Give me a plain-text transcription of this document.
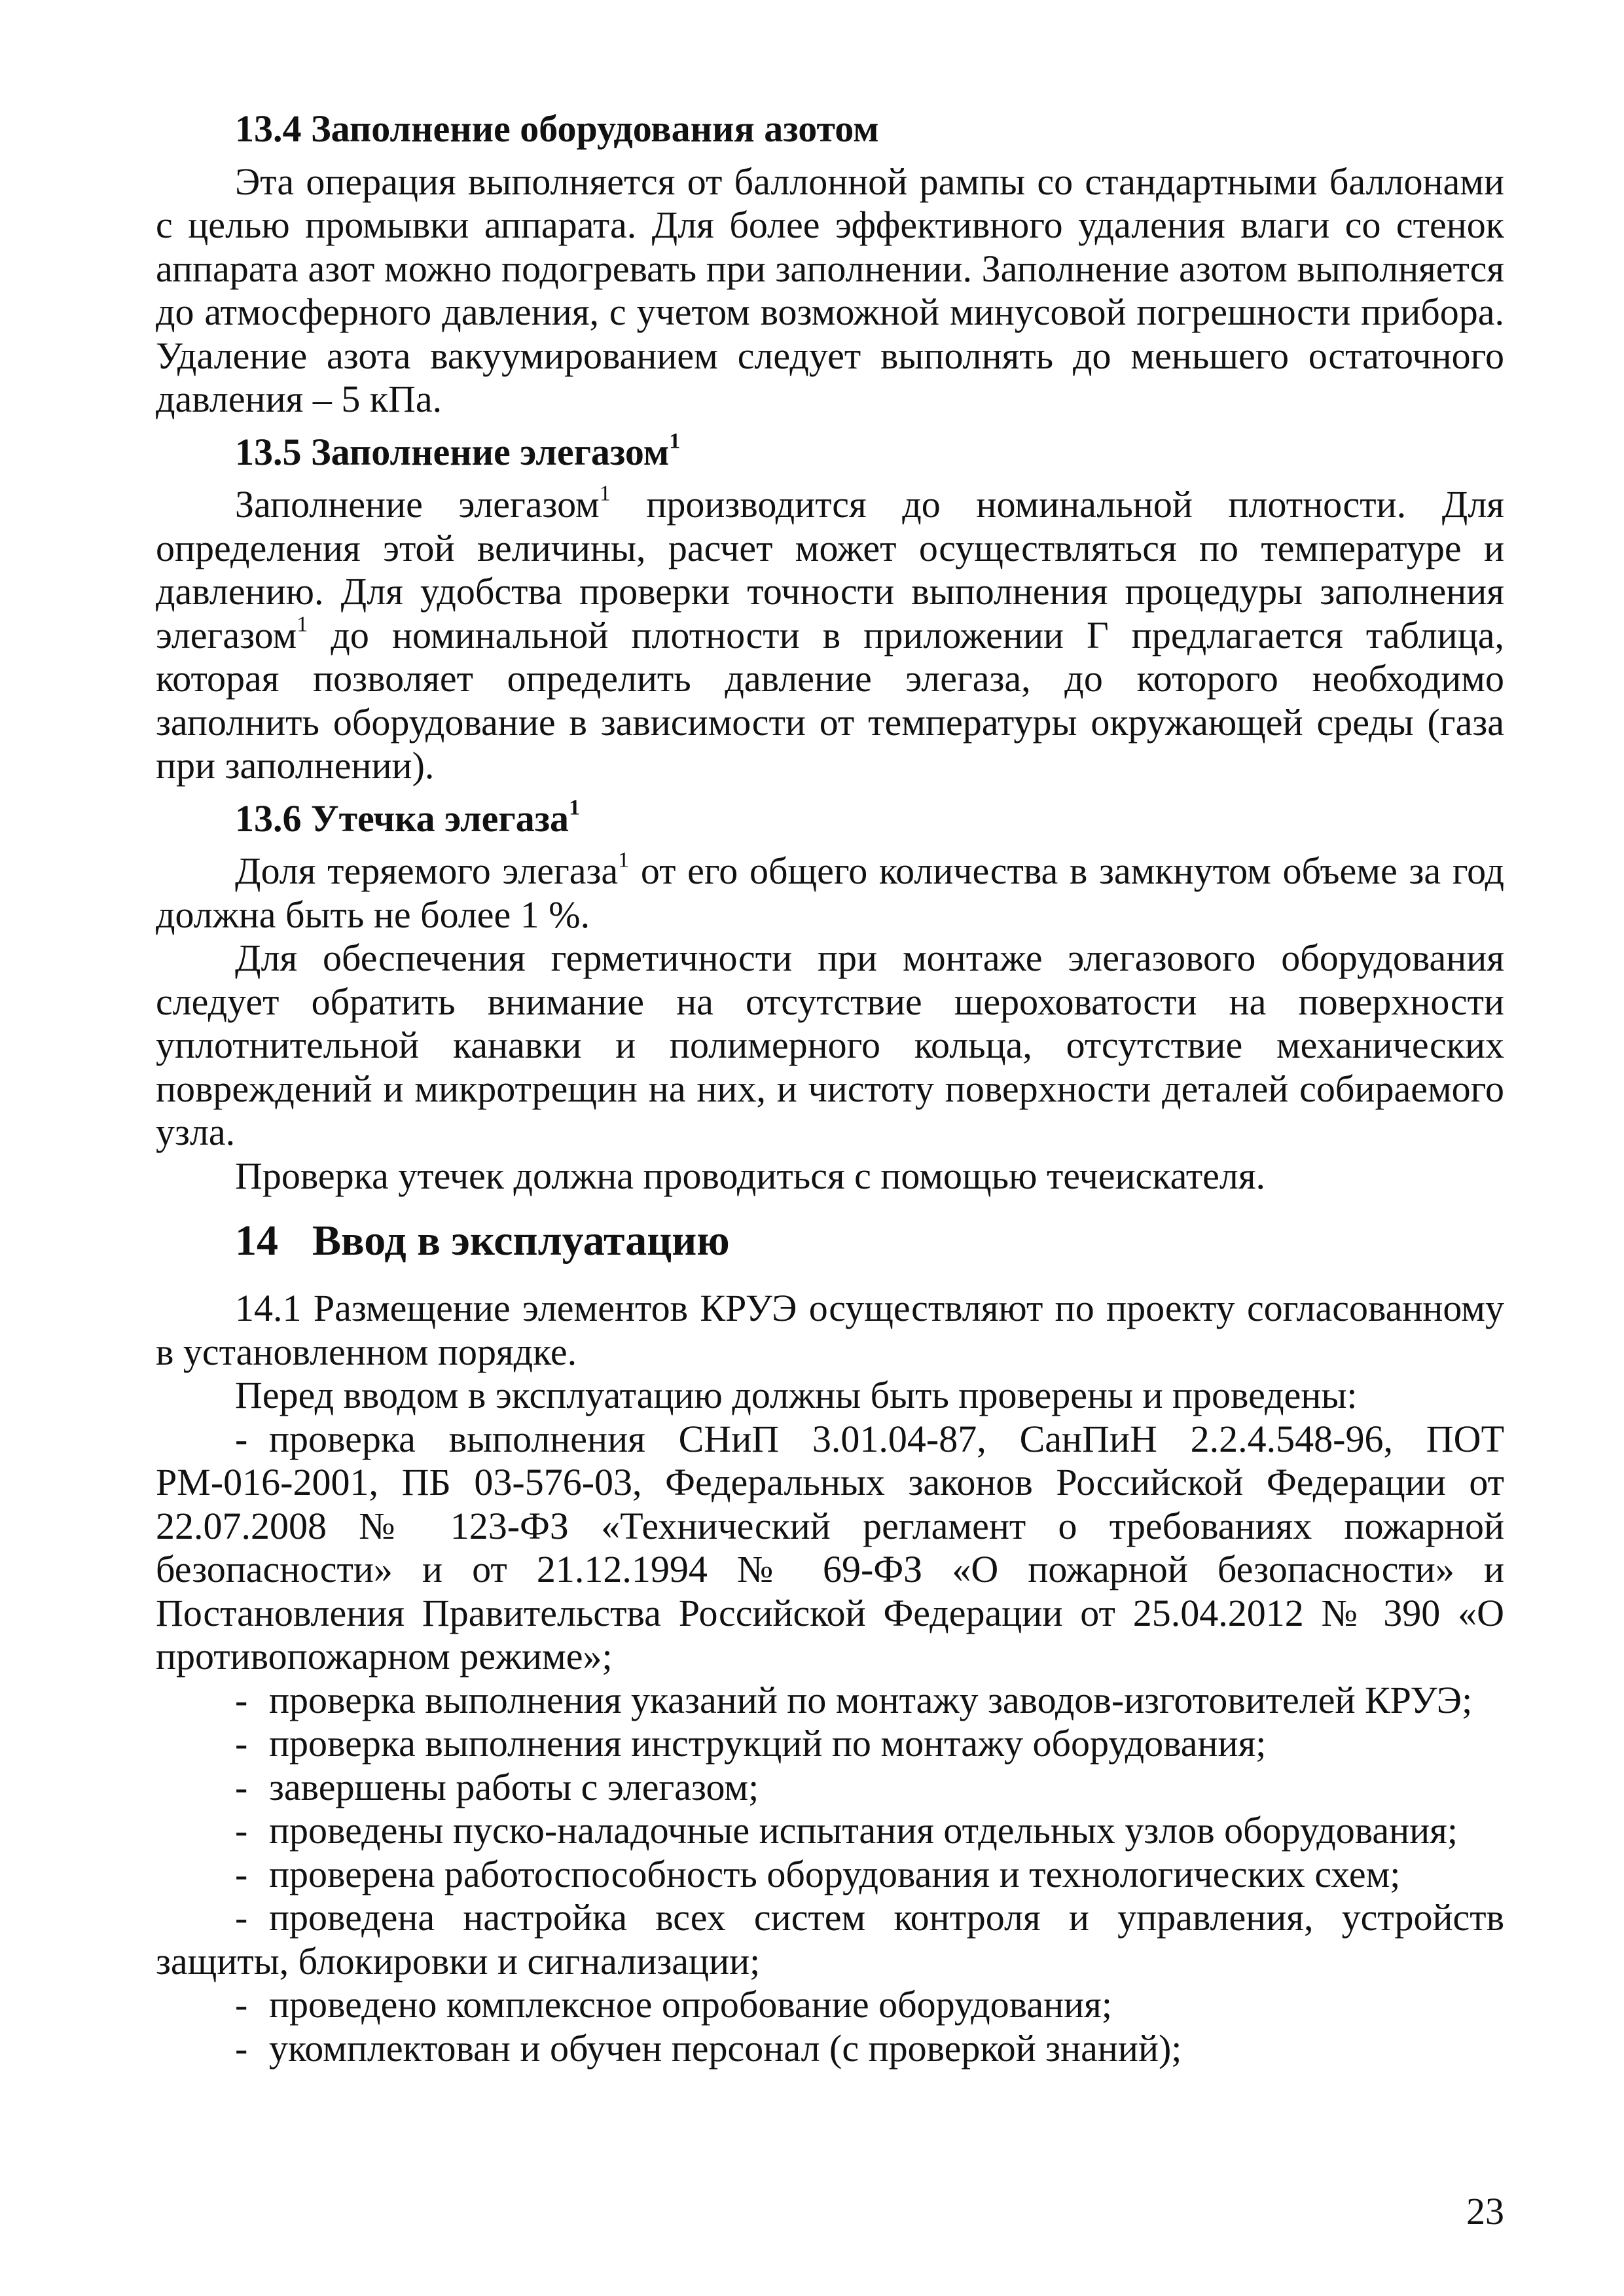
13.4 Заполнение оборудования азотом

Эта операция выполняется от баллонной рампы со стандартными баллонами с целью промывки аппарата. Для более эффективного удаления влаги со стенок аппарата азот можно подогревать при заполнении. Заполнение азотом выполняется до атмосферного давления, с учетом возможной минусовой погрешности прибора. Удаление азота вакуумированием следует выполнять до меньшего остаточного давления – 5 кПа.

13.5 Заполнение элегазом$^1$

Заполнение элегазом$^1$ производится до номинальной плотности. Для определения этой величины, расчет может осуществляться по температуре и давлению. Для удобства проверки точности выполнения процедуры заполнения элегазом$^1$ до номинальной плотности в приложении Г предлагается таблица, которая позволяет определить давление элегаза, до которого необходимо заполнить оборудование в зависимости от температуры окружающей среды (газа при заполнении).

13.6 Утечка элегаза$^1$

Доля теряемого элегаза$^1$ от его общего количества в замкнутом объеме за год должна быть не более 1 %.

Для обеспечения герметичности при монтаже элегазового оборудования следует обратить внимание на отсутствие шероховатости на поверхности уплотнительной канавки и полимерного кольца, отсутствие механических повреждений и микротрещин на них, и чистоту поверхности деталей собираемого узла.

Проверка утечек должна проводиться с помощью течеискателя.

14 Ввод в эксплуатацию

14.1 Размещение элементов КРУЭ осуществляют по проекту согласованному в установленном порядке.

Перед вводом в эксплуатацию должны быть проверены и проведены:

- проверка выполнения СНиП 3.01.04-87, СанПиН 2.2.4.548-96, ПОТ РМ-016-2001, ПБ 03-576-03, Федеральных законов Российской Федерации от 22.07.2008 № 123-ФЗ «Технический регламент о требованиях пожарной безопасности» и от 21.12.1994 № 69-ФЗ «О пожарной безопасности» и Постановления Правительства Российской Федерации от 25.04.2012 № 390 «О противопожарном режиме»;
- проверка выполнения указаний по монтажу заводов-изготовителей КРУЭ;
- проверка выполнения инструкций по монтажу оборудования;
- завершены работы с элегазом;
- проведены пуско-наладочные испытания отдельных узлов оборудования;
- проверена работоспособность оборудования и технологических схем;
- проведена настройка всех систем контроля и управления, устройств защиты, блокировки и сигнализации;
- проведено комплексное опробование оборудования;
- укомплектован и обучен персонал (с проверкой знаний);
23
